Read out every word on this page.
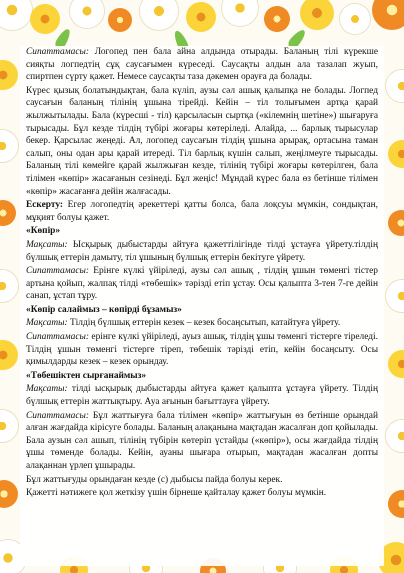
Сипаттамасы: Логопед пен бала айна алдында отырады. Баланың тілі күрекше сияқты логпедтің сұқ саусағымен күреседі. Саусақты алдын ала тазалап жуып, спиртпен сүрту қажет. Немесе саусақты таза дәкемен орауға да болады.

Күрес қызық болатындықтан, бала күліп, аузы сәл ашық қалыпқа не болады. Логпед саусағын баланың тілінің ұшына тірейді. Кейін – тіл толығымен артқа қарай жылжытылады. Бала (күресші - тіл) қарсыласын сыртқа («кілемнің шетіне») шығаруға тырысады. Бұл кезде тілдің түбірі жоғары көтеріледі. Алайда, ... барлық тырысулар бекер. Қарсылас жеңеді. Ал, логопед саусағын тілдің ұшына арырақ, ортасына таман салып, оны одан ары қарай итереді. Тіл барлық күшін салып, жеңілмеуге тырысады. Баланың тілі көмейге қарай жылжыған кезде, тілінің түбірі жоғары көтерілген, бала тілімен «көпір» жасағанын сезінеді. Бұл жеңіс! Мұндай күрес бала өз бетінше тілімен «көпір» жасағанға дейін жалғасады.

Ескерту: Егер логопедтің әрекеттері қатты болса, бала лоқсуы мүмкін, сондықтан, мұқият болуы қажет.

«Көпір»

Мақсаты: Ысқырық дыбыстарды айтуға қажеттілігінде тілді ұстауға үйрету.тілдің бүлшық еттерін дамыту, тіл ұшының бүлшық еттерін бекітуге үйрету.

Сипаттамасы: Ерінге күлкі үйіріледі, аузы сәл ашық , тілдің ұшын төменгі тістер артына қойып, жалпақ тілді «төбешік» тәрізді етіп ұстау. Осы қалыпта 3-тен 7-ге дейін санап, ұстап тұру.

«Көпір салаймыз – көпірді бұзамыз»

Мақсаты: Тілдің бүлшық еттерін кезек – кезек босаңсытып, катайтуға үйрету.

Сипаттамасы: ерінге күлкі үйіріледі, ауыз ашық, тілдің ұшы төменгі тістерге тіреледі. Тілдің ұшын төменгі тістерге тіреп, төбешік тәрізді етіп, кейін босаңсыту. Осы қимылдарды кезек – кезек орындау.

«Төбешіктен сырғанаймыз»

Мақсаты: тілді ысқырық дыбыстарды айтуға қажет қалыпта ұстауға үйрету. Тілдің бүлшық еттерін жаттықтыру. Ауа ағынын бағыттауға үйрету.

Сипаттамасы: Бұл жаттығуға бала тілімен «көпір» жаттығуын өз бетінше орындай алған жағдайда кірісуге болады. Баланың алақанына мақтадан жасалған доп қойылады. Бала аузын сәл ашып, тілінің түбірін көтеріп үстайды («көпір»), осы жағдайда тілдің ұшы төменде болады. Кейін, ауаны шығара отырып, мақтадан жасалған допты алақаннан үрлеп ұшырады.

Бұл жаттығуды орындаған кезде (с) дыбысы пайда болуы керек.

Қажетті нәтижеге қол жеткізу үшін бірнеше қайталау қажет болуы мүмкін.
